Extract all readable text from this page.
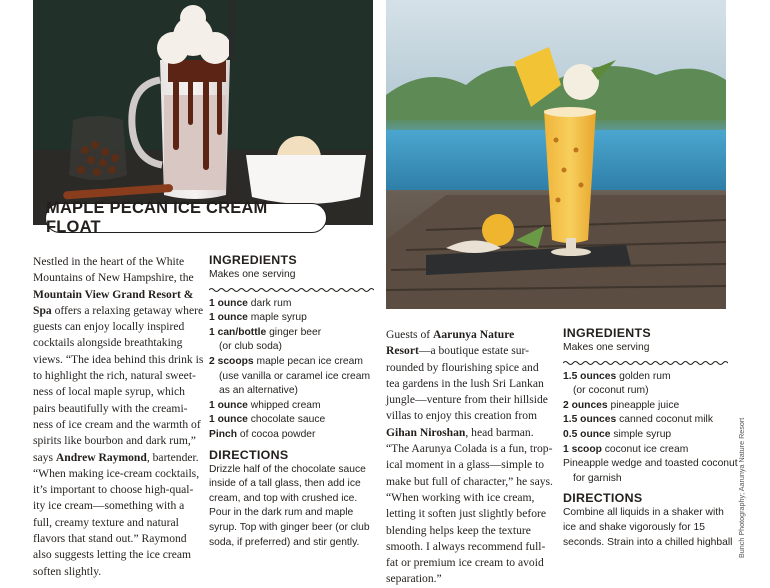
MAPLE PECAN ICE CREAM FLOAT
Nestled in the heart of the White
Mountains of New Hampshire, the
Mountain View Grand Resort &
Spa offers a relaxing getaway where
guests can enjoy locally inspired
cocktails alongside breathtaking
views. “The idea behind this drink is
to highlight the rich, natural sweet-
ness of local maple syrup, which
pairs beautifully with the creami-
ness of ice cream and the warmth of
spirits like bourbon and dark rum,”
says Andrew Raymond, bartender.
“When making ice-cream cocktails,
it’s important to choose high-qual-
ity ice cream—something with a
full, creamy texture and natural
flavors that stand out.” Raymond
also suggests letting the ice cream
soften slightly.
INGREDIENTS
Makes one serving
1 ounce dark rum
1 ounce maple syrup
1 can/bottle ginger beer
(or club soda)
2 scoops maple pecan ice cream
(use vanilla or caramel ice cream
as an alternative)
1 ounce whipped cream
1 ounce chocolate sauce
Pinch of cocoa powder
DIRECTIONS
Drizzle half of the chocolate sauce
inside of a tall glass, then add ice
cream, and top with crushed ice.
Pour in the dark rum and maple
syrup. Top with ginger beer (or club
soda, if preferred) and stir gently.
Guests of Aarunya Nature
Resort—a boutique estate sur-
rounded by flourishing spice and
tea gardens in the lush Sri Lankan
jungle—venture from their hillside
villas to enjoy this creation from
Gihan Niroshan, head barman.
“The Aarunya Colada is a fun, trop-
ical moment in a glass—simple to
make but full of character,” he says.
“When working with ice cream,
letting it soften just slightly before
blending helps keep the texture
smooth. I always recommend full-
fat or premium ice cream to avoid
separation.”
INGREDIENTS
Makes one serving
1.5 ounces golden rum
(or coconut rum)
2 ounces pineapple juice
1.5 ounces canned coconut milk
0.5 ounce simple syrup
1 scoop coconut ice cream
Pineapple wedge and toasted coconut
for garnish
DIRECTIONS
Combine all liquids in a shaker with
ice and shake vigorously for 15
seconds. Strain into a chilled highball Bunch Photography; Aarunya Nature Resort
